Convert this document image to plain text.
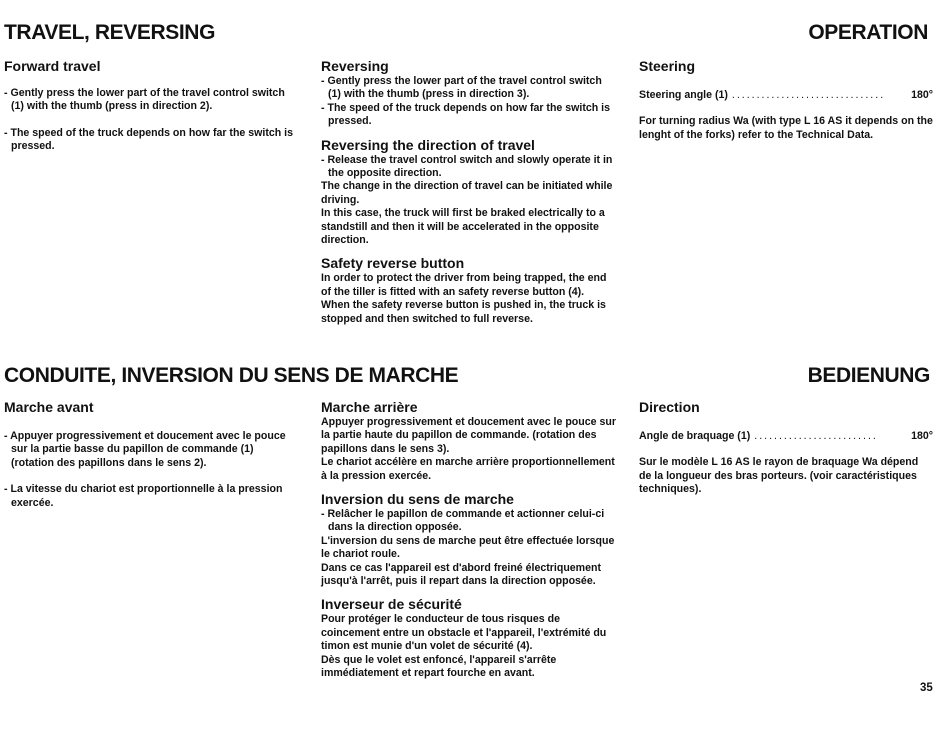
TRAVEL, REVERSING	OPERATION
Forward travel

- Gently press the lower part of the travel control switch (1) with the thumb (press in direction 2).

- The speed of the truck depends on how far the switch is pressed.

Reversing

- Gently press the lower part of the travel control switch (1) with the thumb (press in direction 3).

- The speed of the truck depends on how far the switch is pressed.

Reversing the direction of travel

- Release the travel control switch and slowly operate it in the opposite direction.

The change in the direction of travel can be initiated while driving.

In this case, the truck will first be braked electrically to a standstill and then it will be accelerated in the opposite direction.

Safety reverse button

In order to protect the driver from being trapped, the end of the tiller is fitted with an safety reverse button (4).

When the safety reverse button is pushed in, the truck is stopped and then switched to full reverse.

Steering
Steering angle (1) ...............................	180°

For turning radius Wa (with type L 16 AS it depends on the lenght of the forks) refer to the Technical Data.

CONDUITE, INVERSION DU SENS DE MARCHE	BEDIENUNG
Marche avant

- Appuyer progressivement et doucement avec le pouce sur la partie basse du papillon de commande (1) (rotation des papillons dans le sens 2).

- La vitesse du chariot est proportionnelle à la pression exercée.

Marche arrière

Appuyer progressivement et doucement avec le pouce sur la partie haute du papillon de commande. (rotation des papillons dans le sens 3).

Le chariot accélère en marche arrière proportionnellement à la pression exercée.

Inversion du sens de marche

- Relâcher le papillon de commande et actionner celui-ci dans la direction opposée.

L'inversion du sens de marche peut être effectuée lorsque le chariot roule.

Dans ce cas l'appareil est d'abord freiné électriquement jusqu'à l'arrêt, puis il repart dans la direction opposée.

Inverseur de sécurité

Pour protéger le conducteur de tous risques de coincement entre un obstacle et l'appareil, l'extrémité du timon est munie d'un volet de sécurité (4).

Dès que le volet est enfoncé, l'appareil s'arrête immédiatement et repart fourche en avant.

Direction
Angle de braquage (1) .........................	180°

Sur le modèle L 16 AS le rayon de braquage Wa dépend de la longueur des bras porteurs. (voir caractéristiques techniques).

35
